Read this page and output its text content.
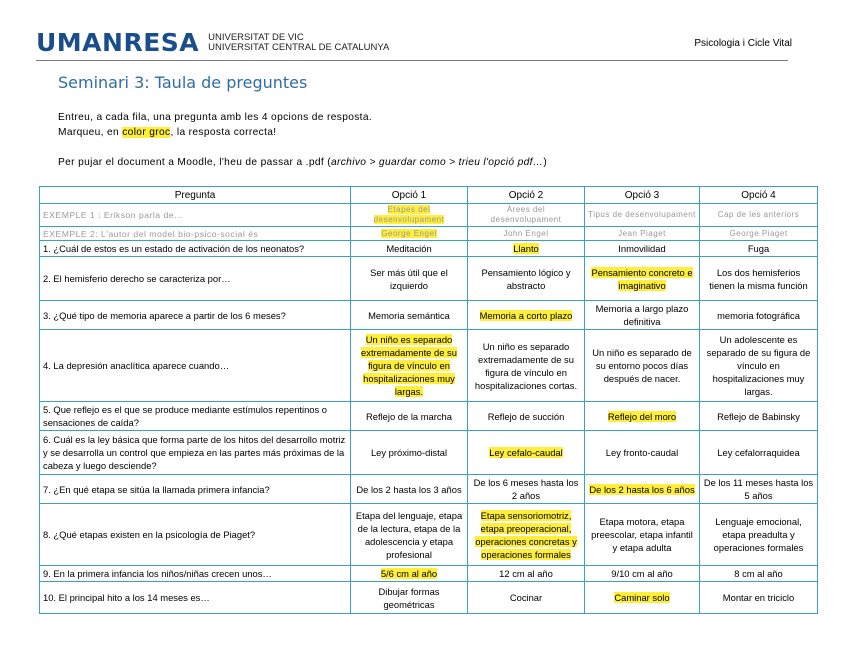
UMANRESA UNIVERSITAT DE VIC
UNIVERSITAT CENTRAL DE CATALUNYA	Psicologia i Cicle Vital
Seminari 3: Taula de preguntes
Entreu, a cada fila, una pregunta amb les 4 opcions de resposta.
Marqueu, en color groc, la resposta correcta!
Per pujar el document a Moodle, l'heu de passar a .pdf (archivo > guardar como > trieu l'opció pdf…)
Pregunta	Opció 1	Opció 2	Opció 3	Opció 4
EXEMPLE 1 : Erikson parla de…	Etapes del desenvolupament	Àrees del desenvolupament	Tipus de desenvolupament	Cap de les anteriors
EXEMPLE 2: L'autor del model bio-psico-social és	George Engel	John Engel	Jean Piaget	George Piaget
1. ¿Cuál de estos es un estado de activación de los neonatos?	Meditación	Llanto	Inmovilidad	Fuga
2. El hemisferio derecho se caracteriza por…	Ser más útil que el izquierdo	Pensamiento lógico y abstracto	Pensamiento concreto e imaginativo	Los dos hemisferios tienen la misma función
3. ¿Qué tipo de memoria aparece a partir de los 6 meses?	Memoria semántica	Memoria a corto plazo	Memoria a largo plazo definitiva	memoria fotográfica
4. La depresión anaclítica aparece cuando…	Un niño es separado extremadamente de su figura de vínculo en hospitalizaciones muy largas.	Un niño es separado extremadamente de su figura de vínculo en hospitalizaciones cortas.	Un niño es separado de su entorno pocos días después de nacer.	Un adolescente es separado de su figura de vínculo en hospitalizaciones muy largas.
5. Que reflejo es el que se produce mediante estímulos repentinos o sensaciones de caída?	Reflejo de la marcha	Reflejo de succión	Reflejo del moro	Reflejo de Babinsky
6. Cuál es la ley básica que forma parte de los hitos del desarrollo motriz y se desarrolla un control que empieza en las partes más próximas de la cabeza y luego desciende?	Ley próximo-distal	Ley cefalo-caudal	Ley fronto-caudal	Ley cefalorraquidea
7. ¿En qué etapa se sitúa la llamada primera infancia?	De los 2 hasta los 3 años	De los 6 meses hasta los 2 años	De los 2 hasta los 6 años	De los 11 meses hasta los 5 años
8. ¿Qué etapas existen en la psicología de Piaget?	Etapa del lenguaje, etapa de la lectura, etapa de la adolescencia y etapa profesional	Etapa sensoriomotriz, etapa preoperacional, operaciones concretas y operaciones formales	Etapa motora, etapa preescolar, etapa infantil y etapa adulta	Lenguaje emocional, etapa preadulta y operaciones formales
9. En la primera infancia los niños/niñas crecen unos…	5/6 cm al año	12 cm al año	9/10 cm al año	8 cm al año
10. El principal hito a los 14 meses es…	Dibujar formas geométricas	Cocinar	Caminar solo	Montar en triciclo
